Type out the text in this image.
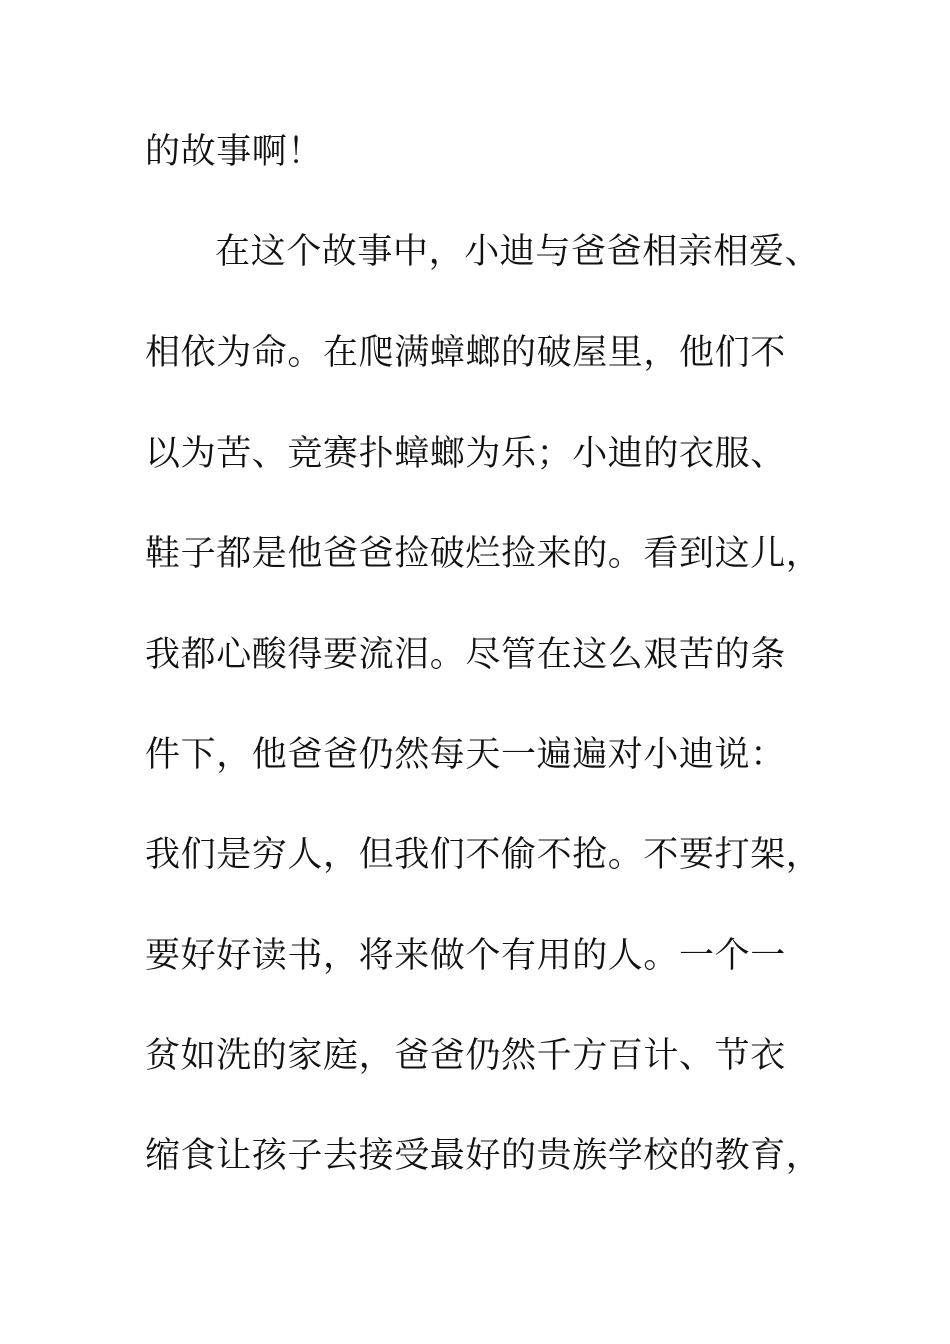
的故事啊！

在这个故事中，小迪与爸爸相亲相爱、

相依为命。在爬满蟑螂的破屋里，他们不

以为苦、竞赛扑蟑螂为乐；小迪的衣服、

鞋子都是他爸爸捡破烂捡来的。看到这儿，

我都心酸得要流泪。尽管在这么艰苦的条

件下，他爸爸仍然每天一遍遍对小迪说：

我们是穷人，但我们不偷不抢。不要打架，

要好好读书，将来做个有用的人。一个一

贫如洗的家庭，爸爸仍然千方百计、节衣

缩食让孩子去接受最好的贵族学校的教育，
